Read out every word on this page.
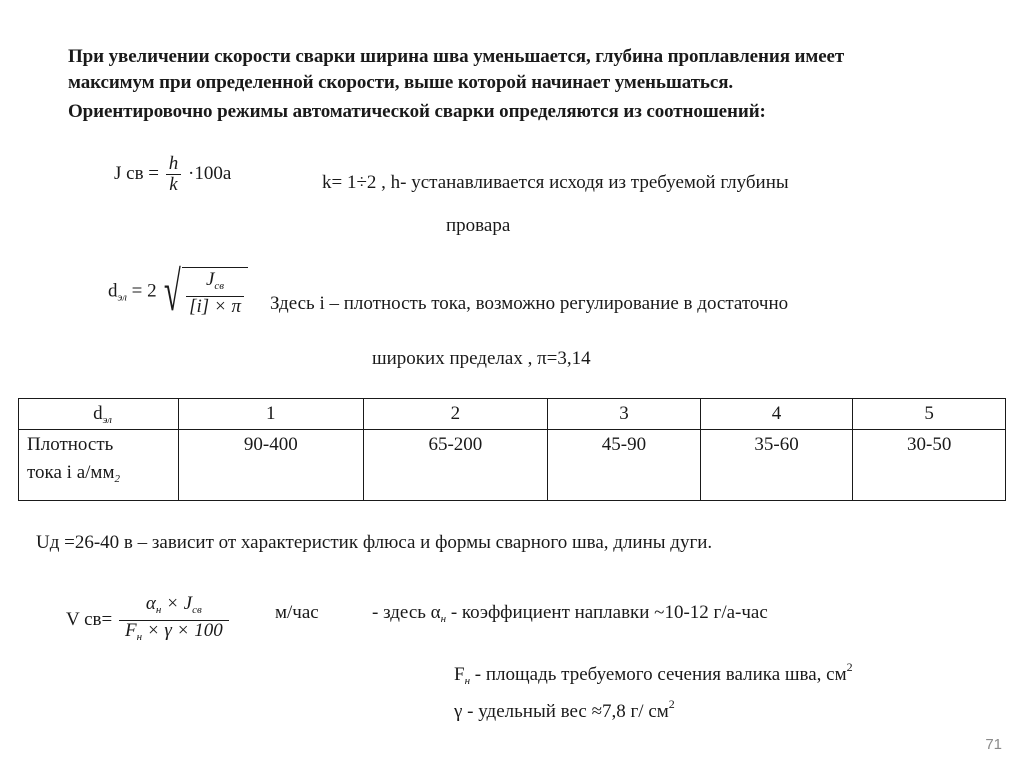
При увеличении скорости сварки ширина шва уменьшается, глубина проплавления имеет
максимум при определенной скорости, выше которой начинает уменьшаться.
Ориентировочно режимы автоматической сварки определяются из соотношений:
J св = $\frac{h}{k} \cdot 100а$	k= 1÷2 , h- устанавливается исходя из требуемой глубины
провара
$d_{эл} = 2$ √ $\frac{J_{св}}{[i] \times \pi}$ Здесь i – плотность тока, возможно регулирование в достаточно
широких пределах , π=3,14
$d_{эл}$	1	2	3	4	5

Плотность
тока i $а/мм_2$	90-400	65-200	45-90	35-60	30-50
Uд =26-40 в – зависит от характеристик флюса и формы сварного шва, длины дуги.
V $св= \frac{\alpha_н \times J_{св}}{F_н \times \gamma \times 100} м/час$	- здесь $\alpha_н$ - коэффициент наплавки ~10-12 г/а-час
$F_н$ - площадь требуемого сечения валика шва, $см^2$
γ - удельный вес ≈7,8 г/ $см^2$
71
